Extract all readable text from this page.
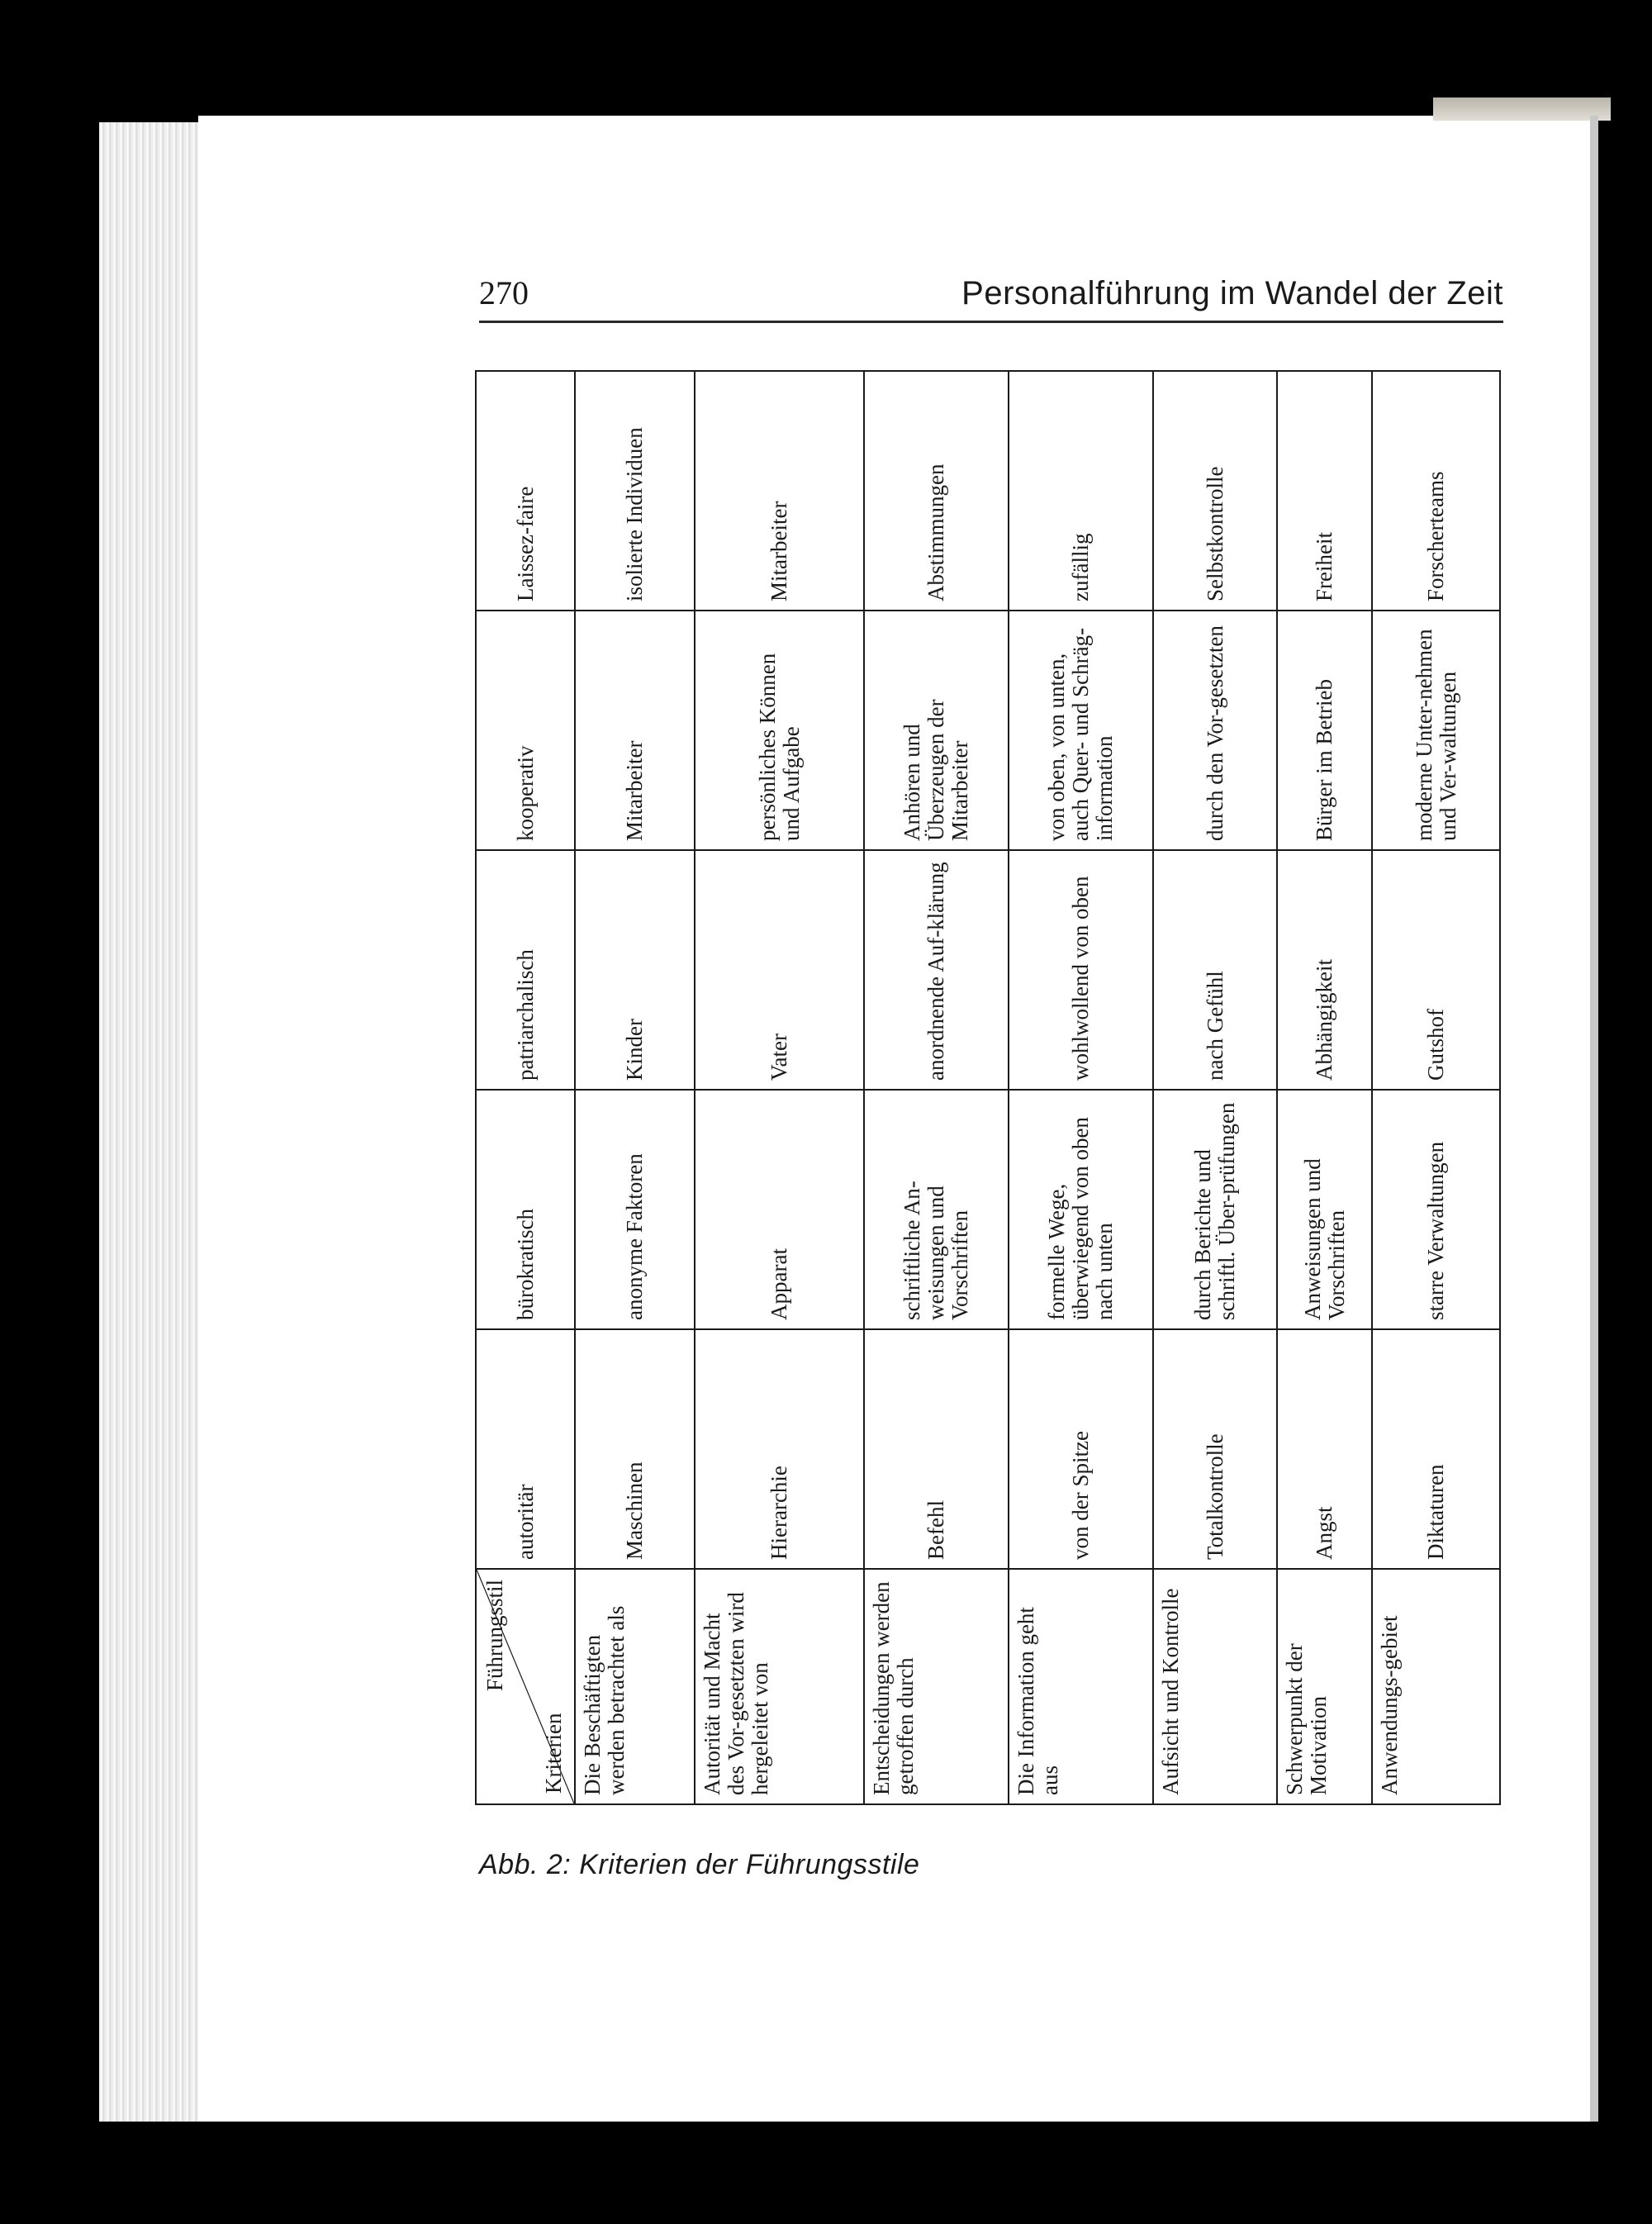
270	Personalführung im Wandel der Zeit
Führungsstil
Kriterien	autoritär	bürokratisch	patriarchalisch	kooperativ	Laissez-faire
Die Beschäftigten werden betrachtet als	Maschinen	anonyme Faktoren	Kinder	Mitarbeiter	isolierte Individuen
Autorität und Macht des Vor-gesetzten wird hergeleitet von	Hierarchie	Apparat	Vater	persönliches Können und Aufgabe	Mitarbeiter
Entscheidungen werden getroffen durch	Befehl	schriftliche An-weisungen und Vorschriften	anordnende Auf-klärung	Anhören und Überzeugen der Mitarbeiter	Abstimmungen
Die Information geht aus	von der Spitze	formelle Wege, überwiegend von oben nach unten	wohlwollend von oben	von oben, von unten, auch Quer- und Schräg-information	zufällig
Aufsicht und Kontrolle	Totalkontrolle	durch Berichte und schriftl. Über-prüfungen	nach Gefühl	durch den Vor-gesetzten	Selbstkontrolle
Schwerpunkt der Motivation	Angst	Anweisungen und Vorschriften	Abhängigkeit	Bürger im Betrieb	Freiheit
Anwendungs-gebiet	Diktaturen	starre Verwaltungen	Gutshof	moderne Unter-nehmen und Ver-waltungen	Forscherteams
Abb. 2: Kriterien der Führungsstile
